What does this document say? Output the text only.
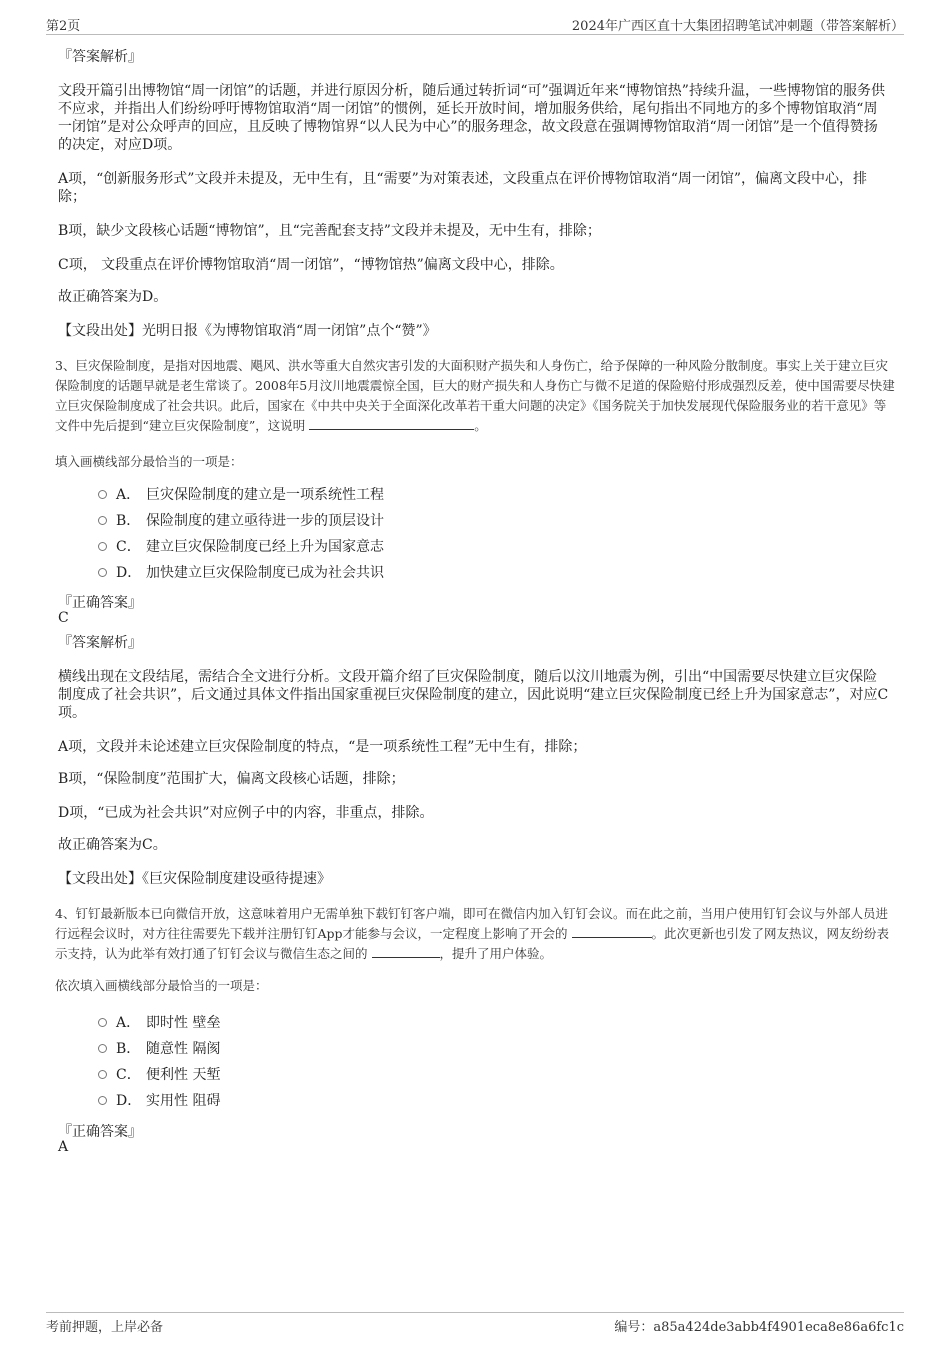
第2页	2024年广西区直十大集团招聘笔试冲刺题（带答案解析）
『答案解析』
文段开篇引出博物馆“周一闭馆”的话题，并进行原因分析，随后通过转折词“可”强调近年来“博物馆热”持续升温，一些博物馆的服务供不应求，并指出人们纷纷呼吁博物馆取消“周一闭馆”的惯例，延长开放时间，增加服务供给，尾句指出不同地方的多个博物馆取消“周一闭馆”是对公众呼声的回应，且反映了博物馆界“以人民为中心”的服务理念，故文段意在强调博物馆取消“周一闭馆”是一个值得赞扬的决定，对应D项。
A项，“创新服务形式”文段并未提及，无中生有，且“需要”为对策表述，文段重点在评价博物馆取消“周一闭馆”，偏离文段中心，排除；
B项，缺少文段核心话题“博物馆”，且“完善配套支持”文段并未提及，无中生有，排除；
C项， 文段重点在评价博物馆取消“周一闭馆”，“博物馆热”偏离文段中心，排除。
故正确答案为D。
【文段出处】光明日报《为博物馆取消“周一闭馆”点个“赞”》
3、巨灾保险制度，是指对因地震、飓风、洪水等重大自然灾害引发的大面积财产损失和人身伤亡，给予保障的一种风险分散制度。事实上关于建立巨灾保险制度的话题早就是老生常谈了。2008年5月汶川地震震惊全国，巨大的财产损失和人身伤亡与微不足道的保险赔付形成强烈反差，使中国需要尽快建立巨灾保险制度成了社会共识。此后，国家在《中共中央关于全面深化改革若干重大问题的决定》《国务院关于加快发展现代保险服务业的若干意见》等文件中先后提到“建立巨灾保险制度”，这说明	。
填入画横线部分最恰当的一项是：
A． 巨灾保险制度的建立是一项系统性工程
B． 保险制度的建立亟待进一步的顶层设计
C． 建立巨灾保险制度已经上升为国家意志
D． 加快建立巨灾保险制度已成为社会共识
『正确答案』
C
『答案解析』
横线出现在文段结尾，需结合全文进行分析。文段开篇介绍了巨灾保险制度，随后以汶川地震为例，引出“中国需要尽快建立巨灾保险制度成了社会共识”，后文通过具体文件指出国家重视巨灾保险制度的建立，因此说明“建立巨灾保险制度已经上升为国家意志”，对应C项。
A项，文段并未论述建立巨灾保险制度的特点，“是一项系统性工程”无中生有，排除；
B项，“保险制度”范围扩大，偏离文段核心话题，排除；
D项，“已成为社会共识”对应例子中的内容，非重点，排除。
故正确答案为C。
【文段出处】《巨灾保险制度建设亟待提速》
4、钉钉最新版本已向微信开放，这意味着用户无需单独下载钉钉客户端，即可在微信内加入钉钉会议。而在此之前，当用户使用钉钉会议与外部人员进行远程会议时，对方往往需要先下载并注册钉钉App才能参与会议，一定程度上影响了开会的	。此次更新也引发了网友热议，网友纷纷表示支持，认为此举有效打通了钉钉会议与微信生态之间的	，提升了用户体验。
依次填入画横线部分最恰当的一项是：
A． 即时性 壁垒
B． 随意性 隔阂
C． 便利性 天堑
D． 实用性 阻碍
『正确答案』
A
考前押题，上岸必备	编号：a85a424de3abb4f4901eca8e86a6fc1c
